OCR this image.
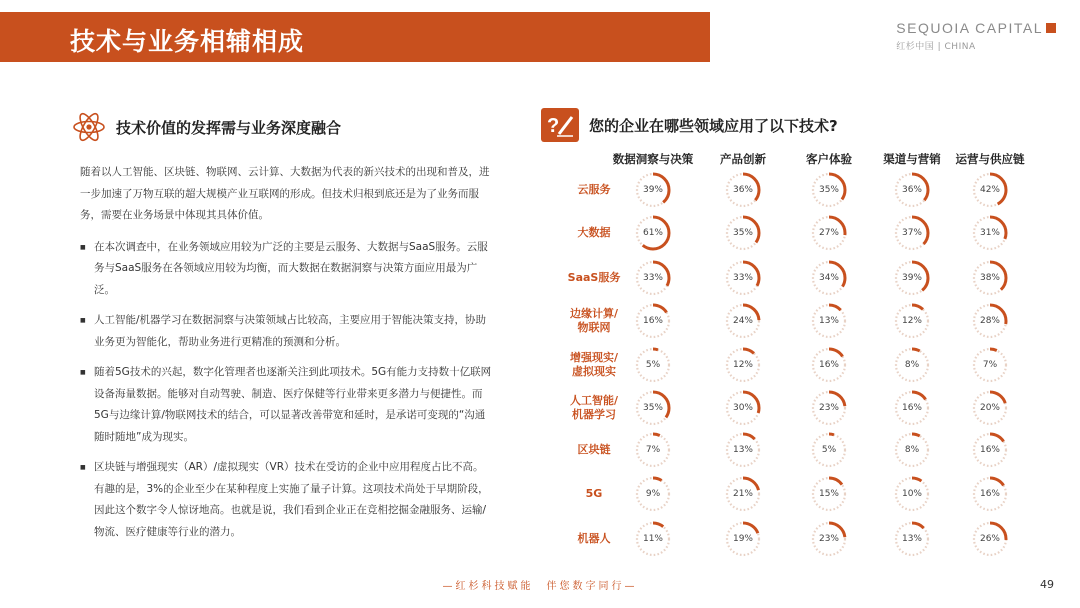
技术与业务相辅相成	SEQUOIA CAPITAL
红杉中国 | CHINA
技术价值的发挥需与业务深度融合

随着以人工智能、区块链、物联网、云计算、大数据为代表的新兴技术的出现和普及，进一步加速了万物互联的超大规模产业互联网的形成。但技术归根到底还是为了业务而服务，需要在业务场景中体现其具体价值。

■ 在本次调查中，在业务领域应用较为广泛的主要是云服务、大数据与SaaS服务。云服务与SaaS服务在各领域应用较为均衡，而大数据在数据洞察与决策方面应用最为广泛。
■ 人工智能/机器学习在数据洞察与决策领域占比较高，主要应用于智能决策支持，协助业务更为智能化，帮助业务进行更精准的预测和分析。
■ 随着5G技术的兴起，数字化管理者也逐渐关注到此项技术。5G有能力支持数十亿联网设备海量数据。能够对自动驾驶、制造、医疗保健等行业带来更多潜力与便捷性。而5G与边缘计算/物联网技术的结合，可以显著改善带宽和延时，是承诺可变现的“沟通随时随地”成为现实。
■ 区块链与增强现实（AR）/虚拟现实（VR）技术在受访的企业中应用程度占比不高。有趣的是，3%的企业至少在某种程度上实施了量子计算。这项技术尚处于早期阶段，因此这个数字令人惊讶地高。也就是说，我们看到企业正在竞相挖掘金融服务、运输/物流、医疗健康等行业的潜力。
? 您的企业在哪些领域应用了以下技术?
数据洞察与决策	产品创新	客户体验	渠道与营销	运营与供应链
云服务	39%	36%	35%	36%	42%
大数据	61%	35%	27%	37%	31%
SaaS服务	33%	33%	34%	39%	38%
边缘计算/
物联网	16%	24%	13%	12%	28%
增强现实/
虚拟现实	5%	12%	16%	8%	7%
人工智能/
机器学习	35%	30%	23%	16%	20%
区块链	7%	13%	5%	8%	16%
5G	9%	21%	15%	10%	16%
机器人	11%	19%	23%	13%	26%
—红杉科技赋能　伴您数字同行—	49
